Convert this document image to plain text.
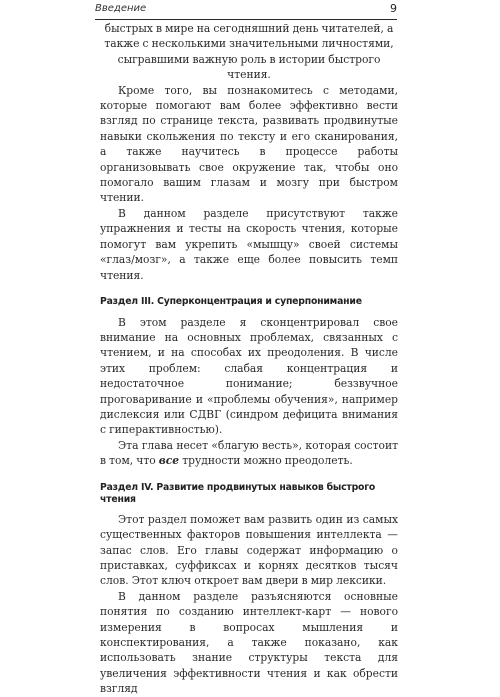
Введение	9

быстрых в мире на сегодняшний день читателей, а также с несколькими значительными личностями, сыгравшими важную роль в истории быстрого чтения.

Кроме того, вы познакомитесь с методами, которые помогают вам более эффективно вести взгляд по странице текста, развивать продвинутые навыки скольжения по тексту и его сканирования, а также научитесь в процессе работы организовывать свое окружение так, чтобы оно помогало вашим глазам и мозгу при быстром чтении.

В данном разделе присутствуют также упражнения и тесты на скорость чтения, которые помогут вам укрепить «мышцу» своей системы «глаз/мозг», а также еще более повысить темп чтения.

Раздел III. Суперконцентрация и суперпонимание

В этом разделе я сконцентрировал свое внимание на основных проблемах, связанных с чтением, и на способах их преодоления. В числе этих проблем: слабая концентрация и недостаточное понимание; беззвучное проговаривание и «проблемы обучения», например дислексия или СДВГ (синдром дефицита внимания с гиперактивностью).

Эта глава несет «благую весть», которая состоит в том, что все трудности можно преодолеть.

Раздел IV. Развитие продвинутых навыков быстрого чтения

Этот раздел поможет вам развить один из самых существенных факторов повышения интеллекта — запас слов. Его главы содержат информацию о приставках, суффиксах и корнях десятков тысяч слов. Этот ключ откроет вам двери в мир лексики.

В данном разделе разъясняются основные понятия по созданию интеллект-карт — нового измерения в вопросах мышления и конспектирования, а также показано, как использовать знание структуры текста для увеличения эффективности чтения и как обрести взгляд
